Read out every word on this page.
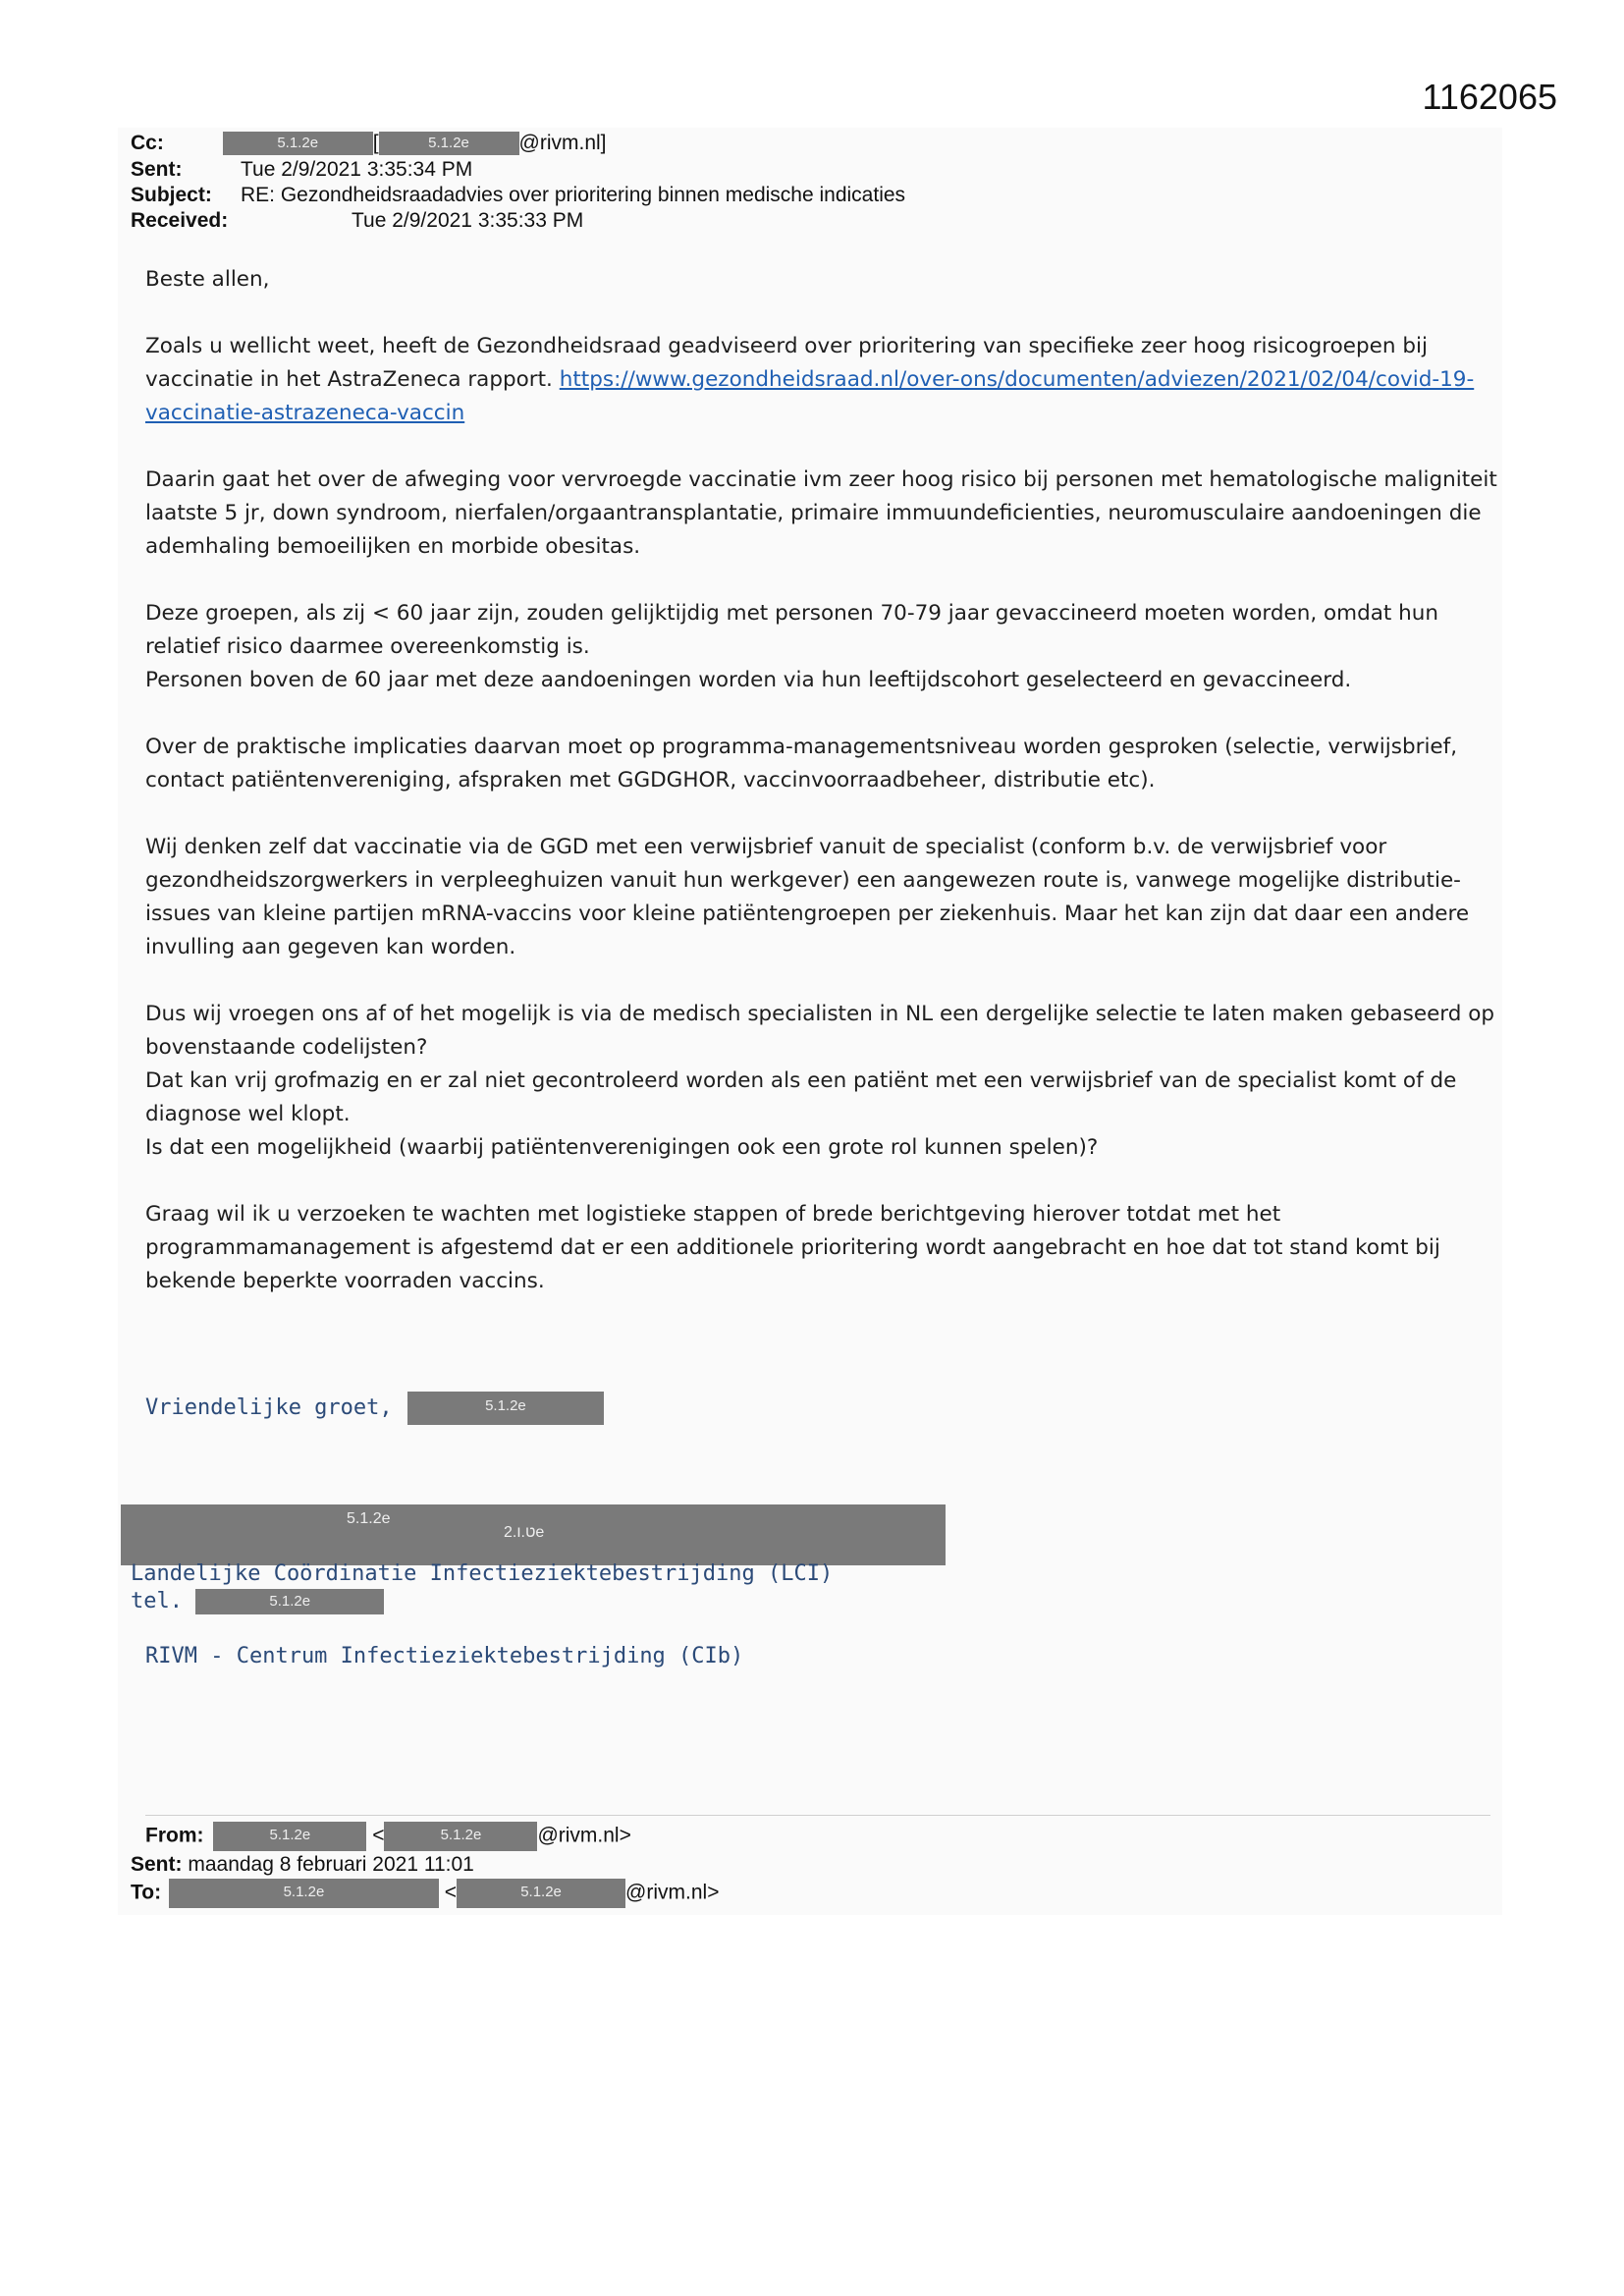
1162065
Cc:	5.1.2e	[	5.1.2e @rivm.nl]
Sent:	Tue 2/9/2021 3:35:34 PM
Subject: RE: Gezondheidsraadadvies over prioritering binnen medische indicaties
Received:	Tue 2/9/2021 3:35:33 PM

Beste allen,

Zoals u wellicht weet, heeft de Gezondheidsraad geadviseerd over prioritering van specifieke zeer hoog risicogroepen bij vaccinatie in het AstraZeneca rapport. https://www.gezondheidsraad.nl/over-ons/documenten/adviezen/2021/02/04/covid-19-vaccinatie-astrazeneca-vaccin

Daarin gaat het over de afweging voor vervroegde vaccinatie ivm zeer hoog risico bij personen met hematologische maligniteit laatste 5 jr, down syndroom, nierfalen/orgaantransplantatie, primaire immuundeficienties, neuromusculaire aandoeningen die ademhaling bemoeilijken en morbide obesitas.

Deze groepen, als zij < 60 jaar zijn, zouden gelijktijdig met personen 70-79 jaar gevaccineerd moeten worden, omdat hun relatief risico daarmee overeenkomstig is.
Personen boven de 60 jaar met deze aandoeningen worden via hun leeftijdscohort geselecteerd en gevaccineerd.

Over de praktische implicaties daarvan moet op programma-managementsniveau worden gesproken (selectie, verwijsbrief, contact patiëntenvereniging, afspraken met GGDGHOR, vaccinvoorraadbeheer, distributie etc).

Wij denken zelf dat vaccinatie via de GGD met een verwijsbrief vanuit de specialist (conform b.v. de verwijsbrief voor gezondheidszorgwerkers in verpleeghuizen vanuit hun werkgever) een aangewezen route is, vanwege mogelijke distributie-issues van kleine partijen mRNA-vaccins voor kleine patiëntengroepen per ziekenhuis. Maar het kan zijn dat daar een andere invulling aan gegeven kan worden.

Dus wij vroegen ons af of het mogelijk is via de medisch specialisten in NL een dergelijke selectie te laten maken gebaseerd op bovenstaande codelijsten?
Dat kan vrij grofmazig en er zal niet gecontroleerd worden als een patiënt met een verwijsbrief van de specialist komt of de diagnose wel klopt.
Is dat een mogelijkheid (waarbij patiëntenverenigingen ook een grote rol kunnen spelen)?

Graag wil ik u verzoeken te wachten met logistieke stappen of brede berichtgeving hierover totdat met het programmamanagement is afgestemd dat er een additionele prioritering wordt aangebracht en hoe dat tot stand komt bij bekende beperkte voorraden vaccins.

Vriendelijke groet,	5.1.2e
5.1.2e
ט.ו.2e
Landelijke Coördinatie Infectieziektebestrijding (LCI)
tel.	5.1.2e
RIVM - Centrum Infectieziektebestrijding (CIb)
From:	5.1.2e	<	5.1.2e	@rivm.nl>
Sent: maandag 8 februari 2021 11:01
To:	5.1.2e	<	5.1.2e	@rivm.nl>
